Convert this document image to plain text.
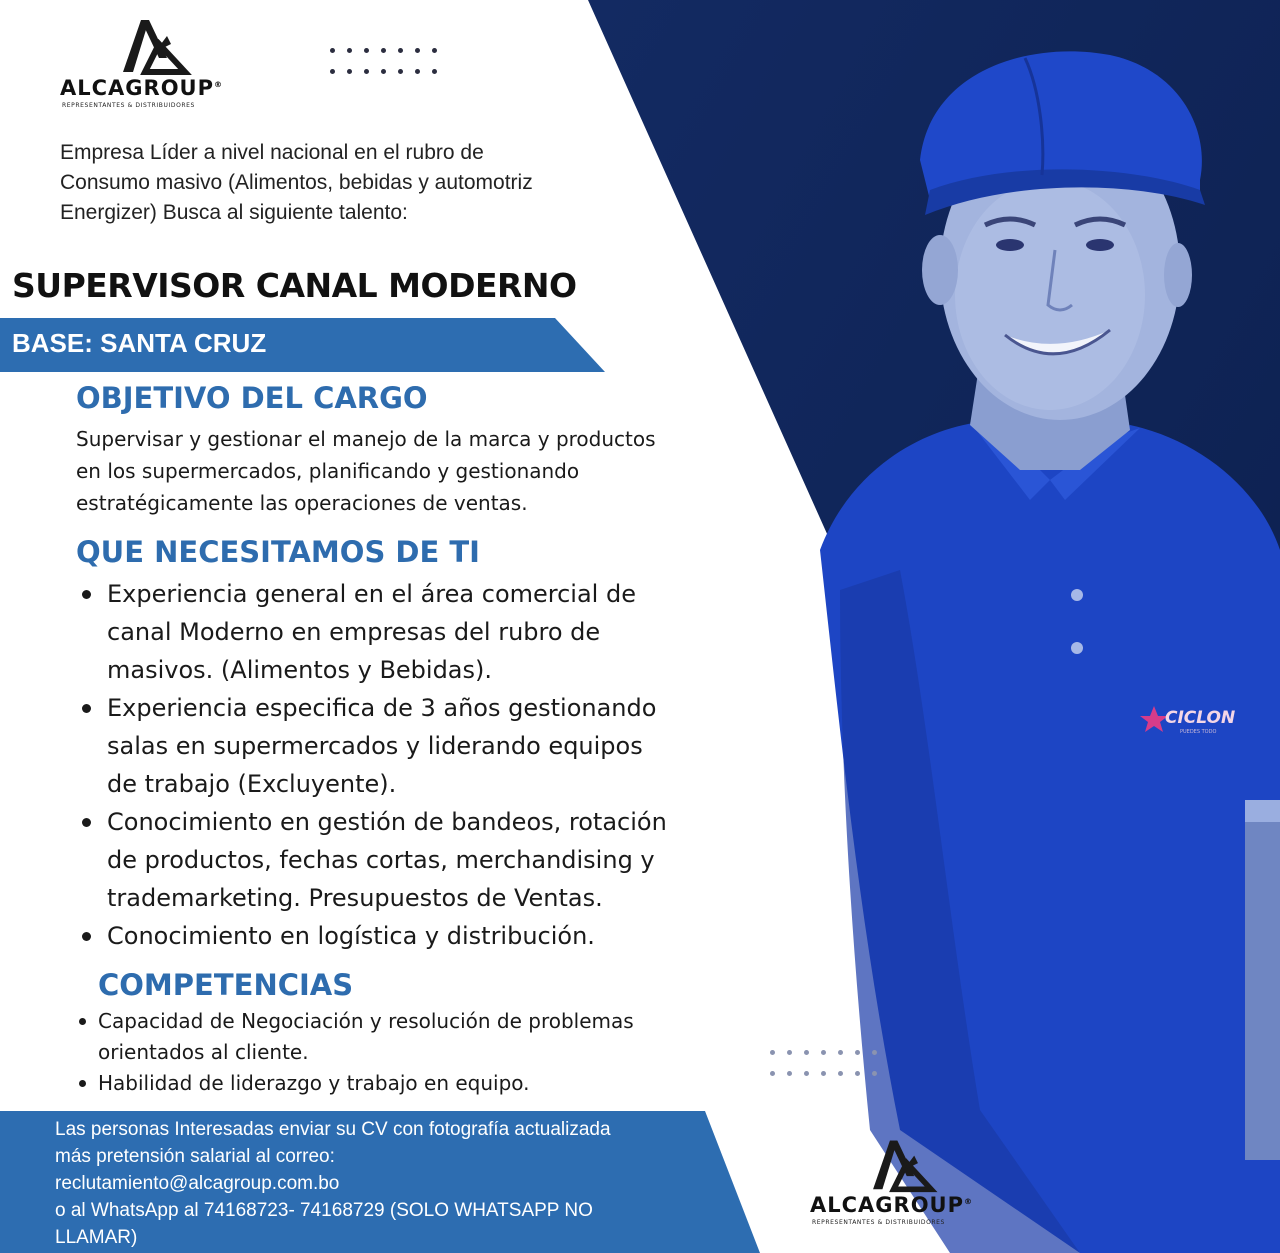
CICLON
PUEDES TODO
ALCAGROUP®
REPRESENTANTES & DISTRIBUIDORES
Empresa Líder a nivel nacional en el rubro de
Consumo masivo (Alimentos, bebidas y automotriz
Energizer) Busca al siguiente talento:
SUPERVISOR CANAL MODERNO
BASE: SANTA CRUZ
OBJETIVO DEL CARGO
Supervisar y gestionar el manejo de la marca y productos
en los supermercados, planificando y gestionando
estratégicamente las operaciones de ventas.
QUE NECESITAMOS DE TI
Experiencia general en el área comercial de
canal Moderno en empresas del rubro de
masivos. (Alimentos y Bebidas).
Experiencia especifica de 3 años gestionando
salas en supermercados y liderando equipos
de trabajo (Excluyente).
Conocimiento en gestión de bandeos, rotación
de productos, fechas cortas, merchandising y
trademarketing. Presupuestos de Ventas.
Conocimiento en logística y distribución.
COMPETENCIAS
Capacidad de Negociación y resolución de problemas
orientados al cliente.
Habilidad de liderazgo y trabajo en equipo.
Las personas Interesadas enviar su CV con fotografía actualizada
más pretensión salarial al correo:
reclutamiento@alcagroup.com.bo
o al WhatsApp al 74168723- 74168729 (SOLO WHATSAPP NO
LLAMAR)
ALCAGROUP®
REPRESENTANTES & DISTRIBUIDORES
